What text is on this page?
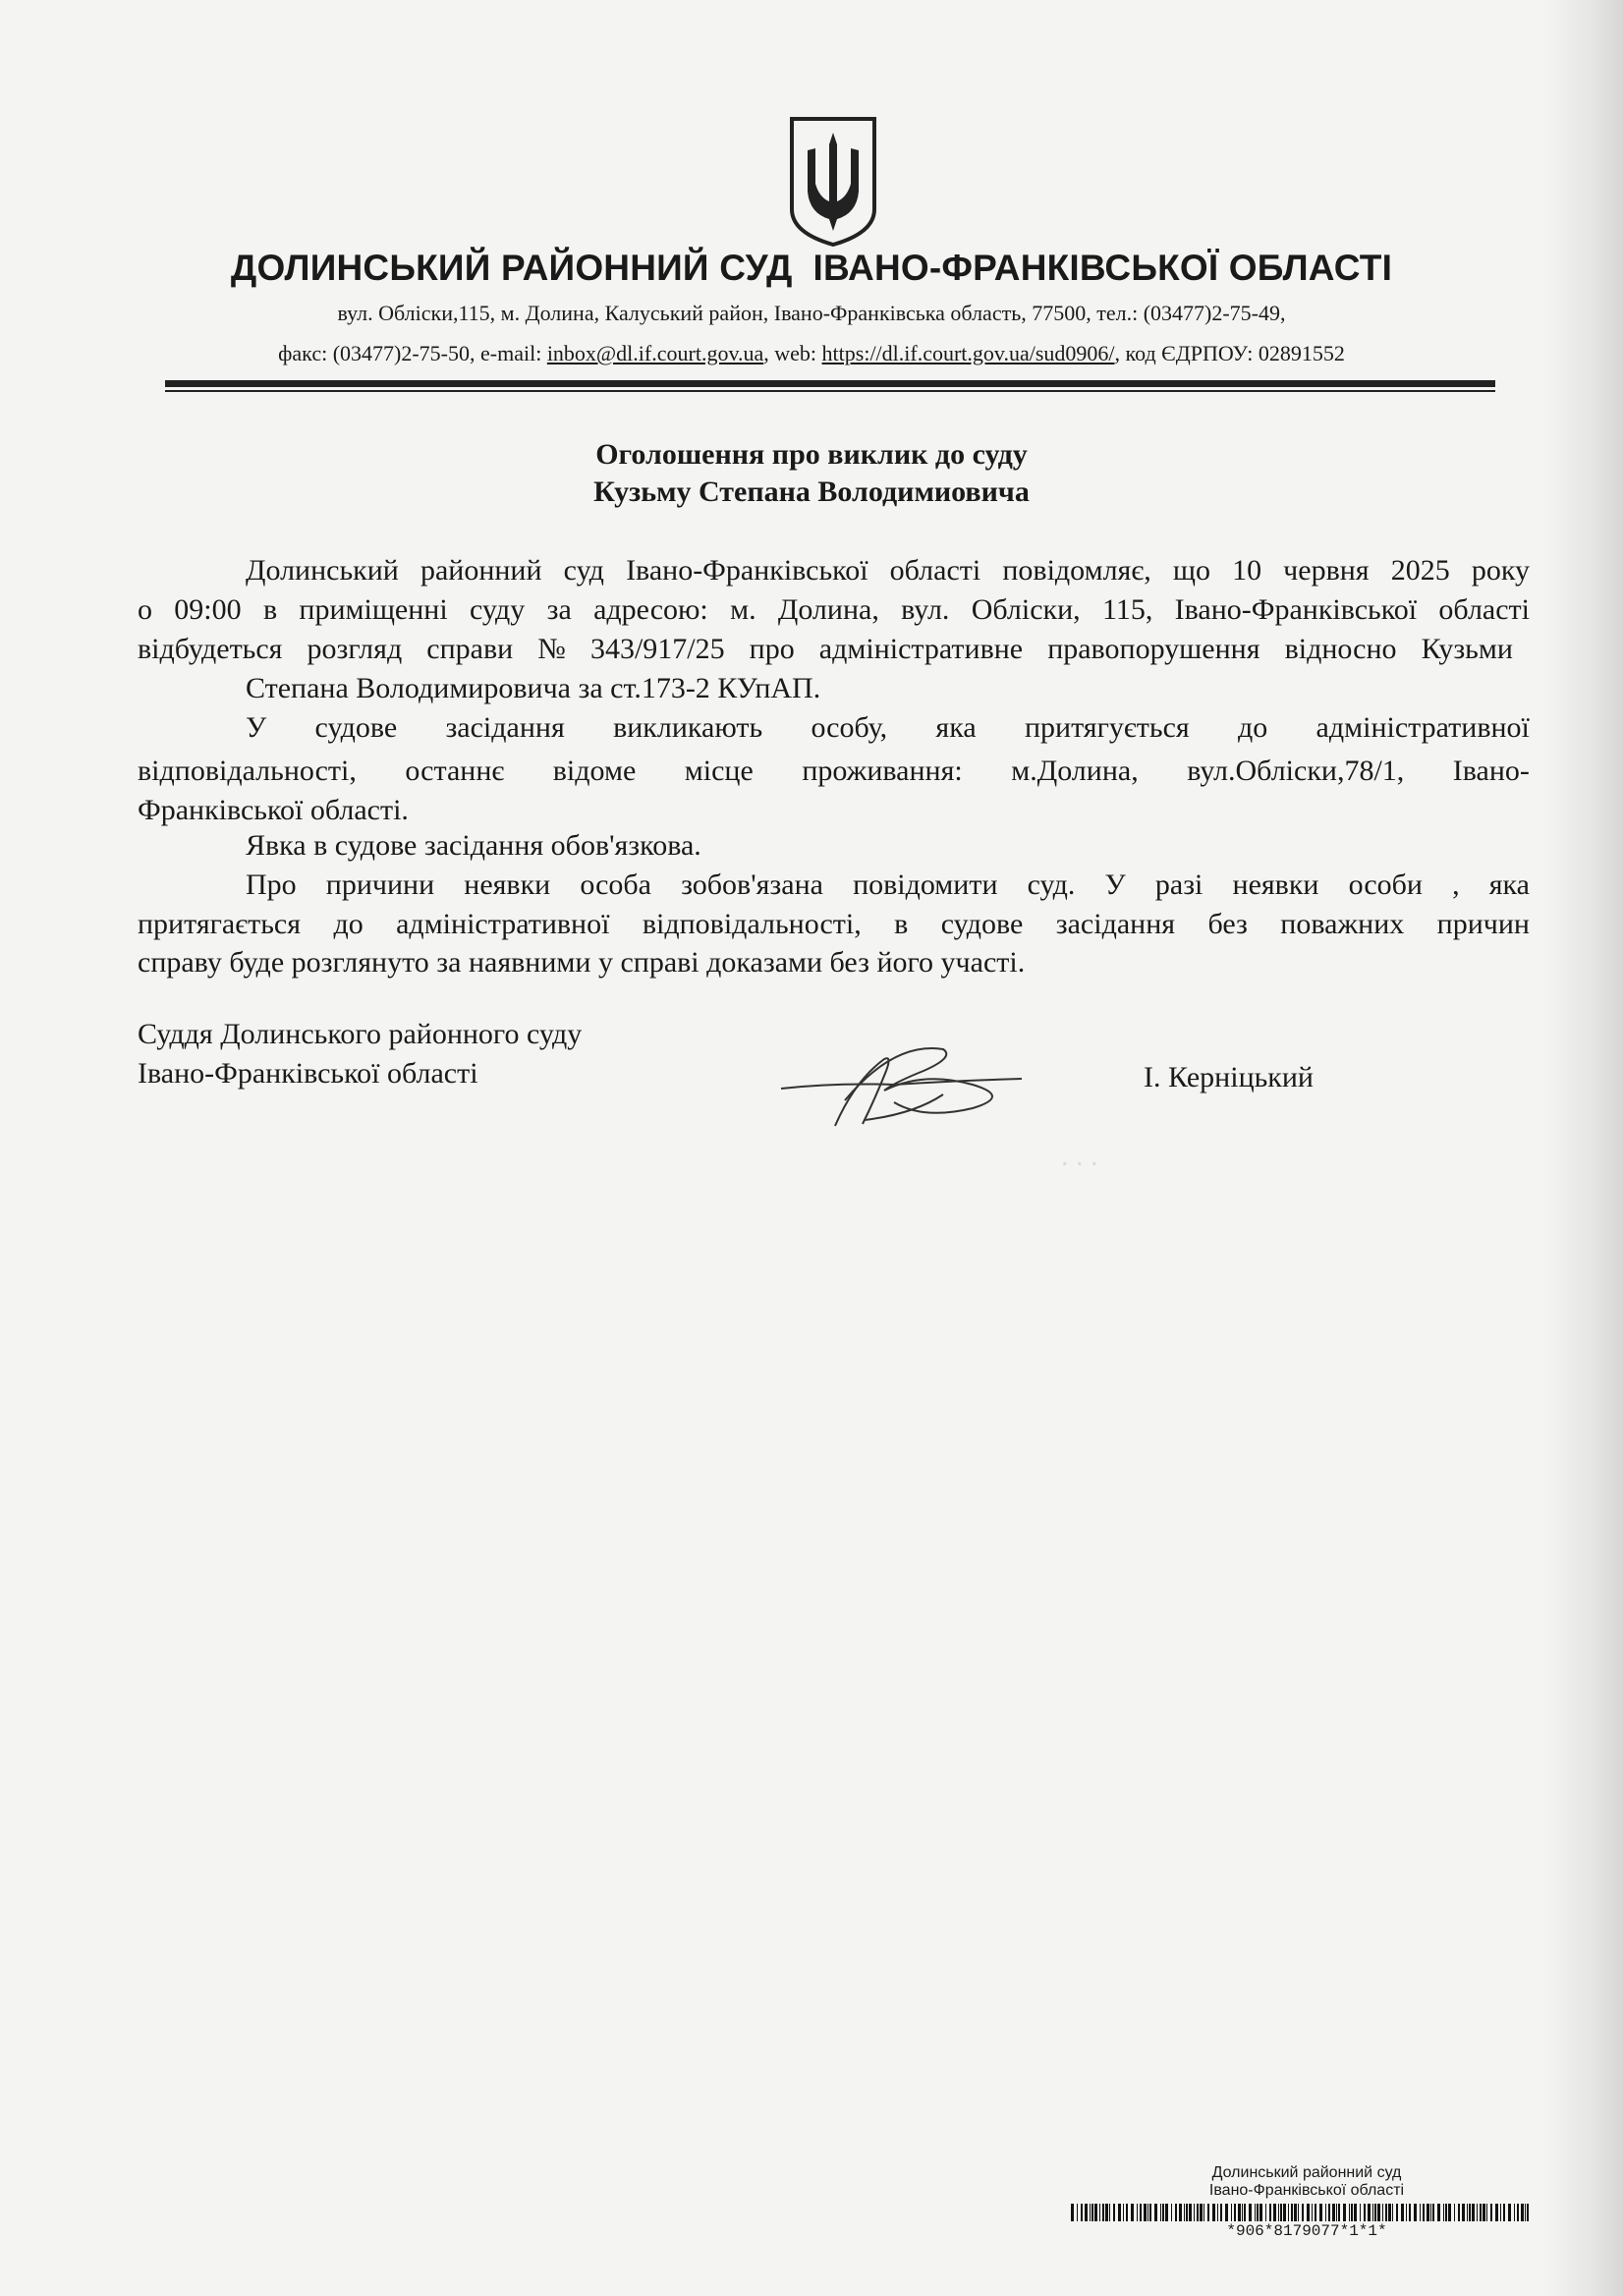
ДОЛИНСЬКИЙ РАЙОННИЙ СУД  ІВАНО-ФРАНКІВСЬКОЇ ОБЛАСТІ
вул. Обліски,115, м. Долина, Калуський район, Івано-Франківська область, 77500, тел.: (03477)2-75-49,
факс: (03477)2-75-50, e-mail: inbox@dl.if.court.gov.ua, web: https://dl.if.court.gov.ua/sud0906/, код ЄДРПОУ: 02891552
Оголошення про виклик до суду
Кузьму Степана Володимиовича
Долинський районний суд Івано-Франківської області повідомляє, що 10 червня 2025 року
о 09:00 в приміщенні суду за адресою: м. Долина, вул. Обліски, 115, Івано-Франківської області
відбудеться розгляд справи № 343/917/25 про адміністративне правопорушення відносно Кузьми
Степана Володимировича за ст.173-2 КУпАП.
У судове засідання викликають особу, яка притягується до адміністративної
відповідальності, останнє відоме місце проживання: м.Долина, вул.Обліски,78/1, Івано-
Франківської області.
Явка в судове засідання обов'язкова.
Про причини неявки особа зобов'язана повідомити суд. У разі неявки особи , яка
притягається до адміністративної відповідальності, в судове засідання без поважних причин
справу буде розглянуто за наявними у справі доказами без його участі.
Суддя Долинського районного суду
Івано-Франківської області	І. Керніцький
. . .
Долинський районний суд
Івано-Франківської області
*906*8179077*1*1*
